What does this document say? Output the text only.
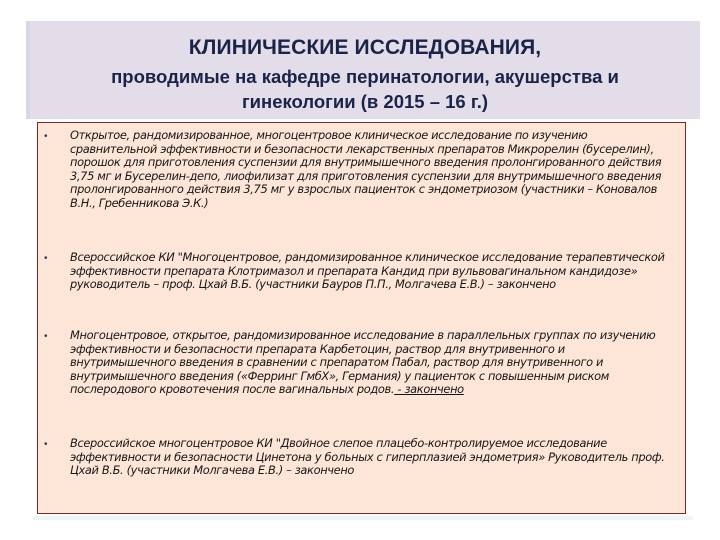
КЛИНИЧЕСКИЕ ИССЛЕДОВАНИЯ,
проводимые на кафедре перинатологии, акушерства и
гинекологии (в 2015 – 16 г.)
• Открытое, рандомизированное, многоцентровое клиническое исследование по изучению сравнительной эффективности и безопасности лекарственных препаратов Микрорелин (бусерелин), порошок для приготовления суспензии для внутримышечного введения пролонгированного действия 3,75 мг и Бусерелин-депо, лиофилизат для приготовления суспензии для внутримышечного введения пролонгированного действия 3,75 мг у взрослых пациенток с эндометриозом (участники – Коновалов В.Н., Гребенникова Э.К.)
• Всероссийское КИ "Многоцентровое, рандомизированное клиническое исследование терапевтической эффективности препарата Клотримазол и препарата Кандид при вульвовагинальном кандидозе» руководитель – проф. Цхай В.Б. (участники Бауров П.П., Молгачева Е.В.) – закончено
• Многоцентровое, открытое, рандомизированное исследование в параллельных группах по изучению эффективности и безопасности препарата Карбетоцин, раствор для внутривенного и внутримышечного введения в сравнении с препаратом Пабал, раствор для внутривенного и внутримышечного введения («Ферринг ГмбХ», Германия) у пациенток с повышенным риском послеродового кровотечения после вагинальных родов. - закончено
• Всероссийское многоцентровое КИ "Двойное слепое плацебо-контролируемое исследование эффективности и безопасности Цинетона у больных с гиперплазией эндометрия» Руководитель проф. Цхай В.Б. (участники Молгачева Е.В.) – закончено
